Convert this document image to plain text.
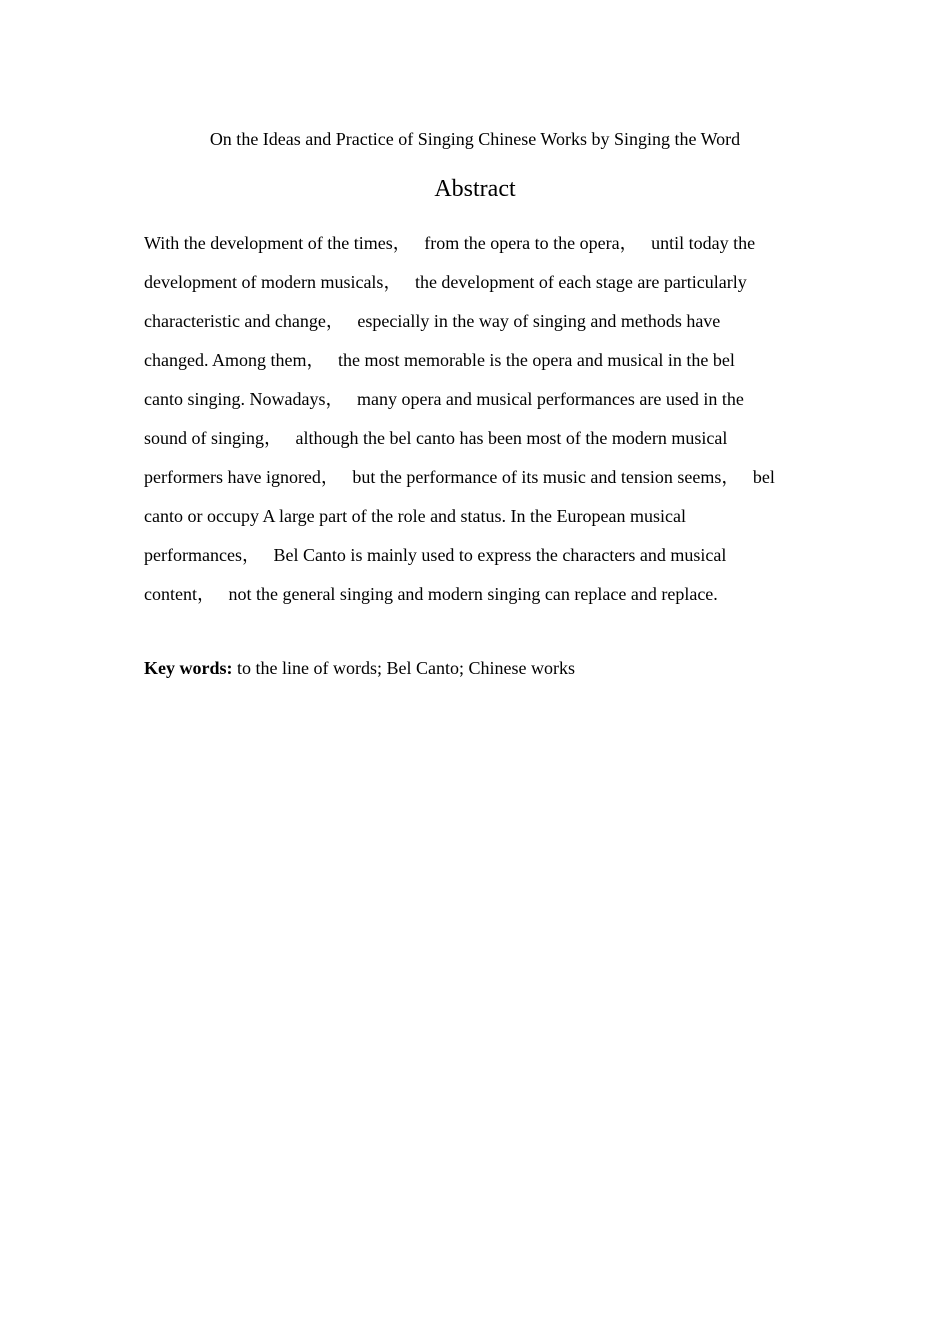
On the Ideas and Practice of Singing Chinese Works by Singing the Word
Abstract
With the development of the times，   from the opera to the opera，   until today the
development of modern musicals，   the development of each stage are particularly
characteristic and change，   especially in the way of singing and methods have
changed. Among them，   the most memorable is the opera and musical in the bel
canto singing. Nowadays，   many opera and musical performances are used in the
sound of singing，   although the bel canto has been most of the modern musical
performers have ignored，   but the performance of its music and tension seems，   bel
canto or occupy A large part of the role and status. In the European musical
performances，   Bel Canto is mainly used to express the characters and musical
content，   not the general singing and modern singing can replace and replace.
Key words: to the line of words; Bel Canto; Chinese works
